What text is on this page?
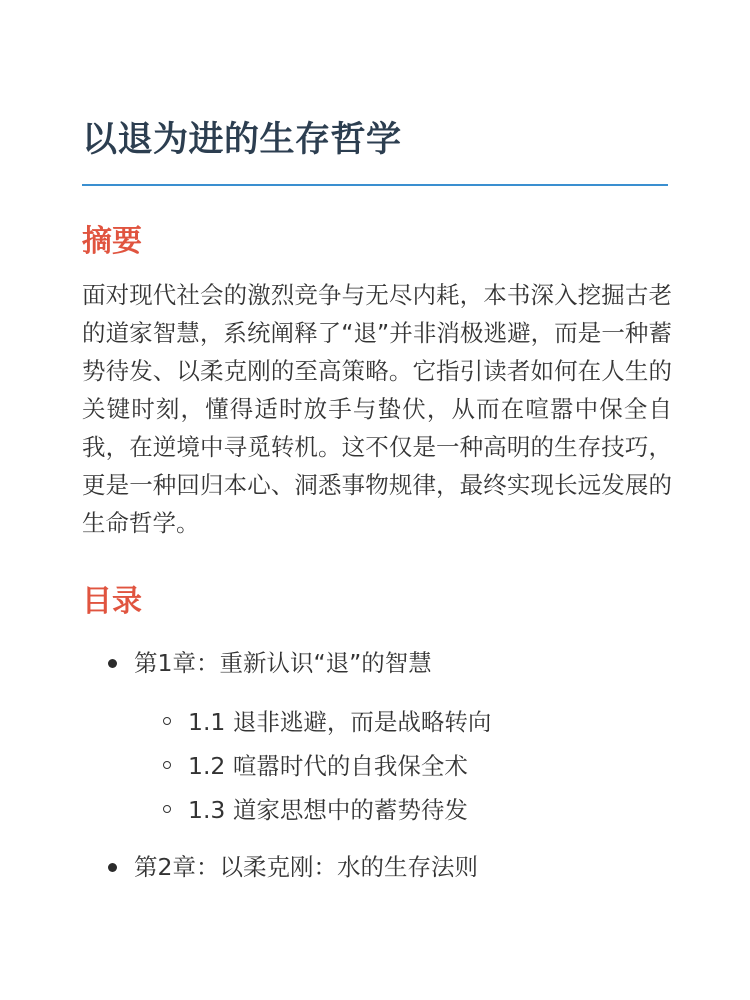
以退为进的生存哲学
摘要

面对现代社会的激烈竞争与无尽内耗，本书深入挖掘古老的道家智慧，系统阐释了“退”并非消极逃避，而是一种蓄势待发、以柔克刚的至高策略。它指引读者如何在人生的关键时刻，懂得适时放手与蛰伏，从而在喧嚣中保全自我，在逆境中寻觅转机。这不仅是一种高明的生存技巧，更是一种回归本心、洞悉事物规律，最终实现长远发展的生命哲学。

目录
第1章：重新认识“退”的智慧
1.1 退非逃避，而是战略转向
1.2 喧嚣时代的自我保全术
1.3 道家思想中的蓄势待发
第2章：以柔克刚：水的生存法则
